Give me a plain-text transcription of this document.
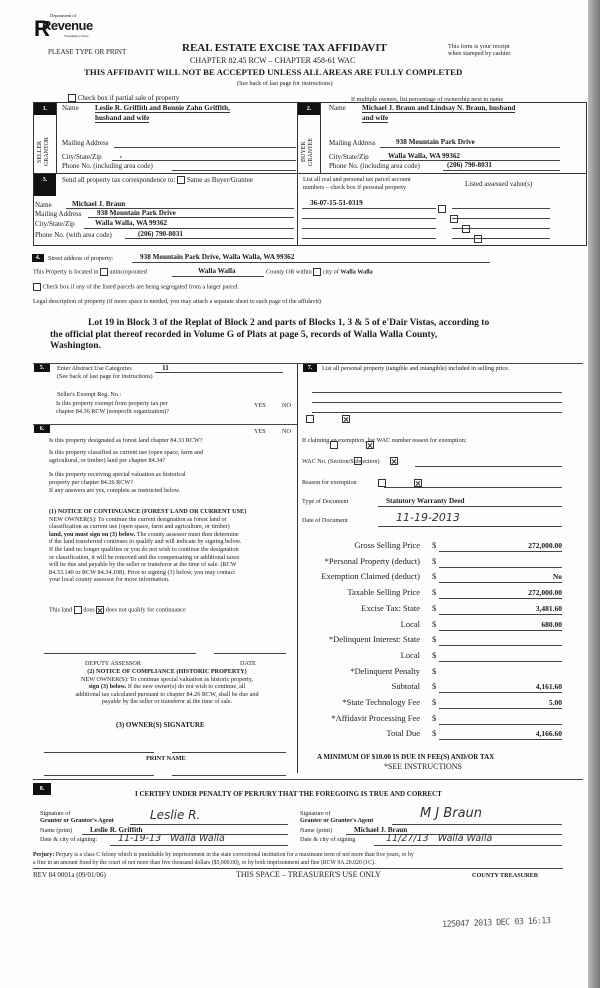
R
Department of
Revenue
Washington State
PLEASE TYPE OR PRINT	REAL ESTATE EXCISE TAX AFFIDAVIT
CHAPTER 82.45 RCW – CHAPTER 458-61 WAC
This form is your receipt
when stamped by cashier.
THIS AFFIDAVIT WILL NOT BE ACCEPTED UNLESS ALL AREAS ARE FULLY COMPLETED
(See back of last page for instructions)
Check box if partial sale of property	If multiple owners, list percentage of ownership next to name
1.
SELLER
GRANTOR
Name Leslie R. Griffith and Bonnie Zahn Griffith,
husband and wife
Mailing Address
City/State/Zip	,
Phone No. (including area code)
2.
BUYER
GRANTEE
Name Michael J. Braun and Lindsay N. Braun, husband
and wife
Mailing Address	938 Mountain Park Drive
City/State/Zip	Walla Walla, WA 99362
Phone No. (including area code)	(206) 790-8031
3.	Send all property tax correspondence to: Same as Buyer/Grantee
Name	Michael J. Braun
Mailing Address 938 Mountain Park Drive
City/State/Zip	Walla Walla, WA 99362
Phone No. (with area code)	(206) 790-8031
List all real and personal tax parcel account
numbers – check box if personal property	Listed assessed value(s)
36-07-15-51-0319

4.	Street address of property:	938 Mountain Park Drive, Walla Walla, WA 99362
This Property is located in unincorporated	Walla Walla	County OR within city of Walla Walla
Check box if any of the listed parcels are being segregated from a larger parcel.
Legal description of property (if more space is needed, you may attach a separate sheet to each page of the affidavit)
Lot 19 in Block 3 of the Replat of Block 2 and parts of Blocks 1, 3 & 5 of e'Dair Vistas, according to
the official plat thereof recorded in Volume G of Plats at page 5, records of Walla Walla County,
Washington.
5.	Enter Abstract Use Categories	11
(See back of last page for instructions)
Seller's Exempt Reg. No.:
Is this property exempt from property tax per
chapter 84.36 RCW (nonprofit organization)?
YES	NO

6.	YES	NO
Is this property designated as forest land chapter 84.33 RCW?

Is this property classified as current use (open space, farm and
agricultural, or timber) land per chapter 84.34?

Is this property receiving special valuation as historical
property per chapter 84.26 RCW?
If any answers are yes, complete as instructed below.

(1) NOTICE OF CONTINUANCE (FOREST LAND OR CURRENT USE)
NEW OWNER(S): To continue the current designation as forest land or
classification as current use (open space, farm and agriculture, or timber)
land, you must sign on (3) below. The county assessor must then determine
if the land transferred continues to qualify and will indicate by signing below.
If the land no longer qualifies or you do not wish to continue the designation
or classification, it will be removed and the compensating or additional taxes
will be due and payable by the seller or transferor at the time of sale. (RCW
84.33.140 or RCW 84.34.108). Prior to signing (3) below, you may contact
your local county assessor for more information.
This land does does not qualify for continuance
DEPUTY ASSESSOR	DATE
(2) NOTICE OF COMPLIANCE (HISTORIC PROPERTY)
NEW OWNER(S): To continue special valuation as historic property,
sign (3) below. If the new owner(s) do not wish to continue, all
additional tax calculated pursuant to chapter 84.26 RCW, shall be due and
payable by the seller or transferor at the time of sale.
(3) OWNER(S) SIGNATURE
PRINT NAME
7.	List all personal property (tangible and intangible) included in selling price.
If claiming an exemption, list WAC number reason for exemption:
WAC No. (Section/Subsection)
Reason for exemption
Type of Document	Statutory Warranty Deed
Date of Document	11-19-2013
Gross Selling Price $	272,000.00
*Personal Property (deduct) $
Exemption Claimed (deduct) $	No
Taxable Selling Price $	272,000.00
Excise Tax: State $	3,481.60
Local $	680.00
*Delinquent Interest: State $
Local $
*Delinquent Penalty $
Subtotal $	4,161.60
*State Technology Fee $	5.00
*Affidavit Processing Fee $
Total Due $	4,166.60
A MINIMUM OF $10.00 IS DUE IN FEE(S) AND/OR TAX
*SEE INSTRUCTIONS
8.
I CERTIFY UNDER PENALTY OF PERJURY THAT THE FOREGOING IS TRUE AND CORRECT
Signature of
Grantor or Grantor's Agent	Leslie R.
Name (print) Leslie R. Griffith
Date & city of signing: 11-19-13   Walla Walla
Signature of
Grantee or Grantee's Agent	M J Braun
Name (print)	Michael J. Braun
Date & city of signing	11/27/13   Walla Walla
Perjury: Perjury is a class C felony which is punishable by imprisonment in the state correctional institution for a maximum term of not more than five years, or by
a fine in an amount fixed by the court of not more than five thousand dollars ($5,000.00), or by both imprisonment and fine (RCW 9A.20.020 (1C).
REV 84 0001a (09/01/06)	THIS SPACE – TREASURER'S USE ONLY	COUNTY TREASURER
125047 2013 DEC 03 16:13
